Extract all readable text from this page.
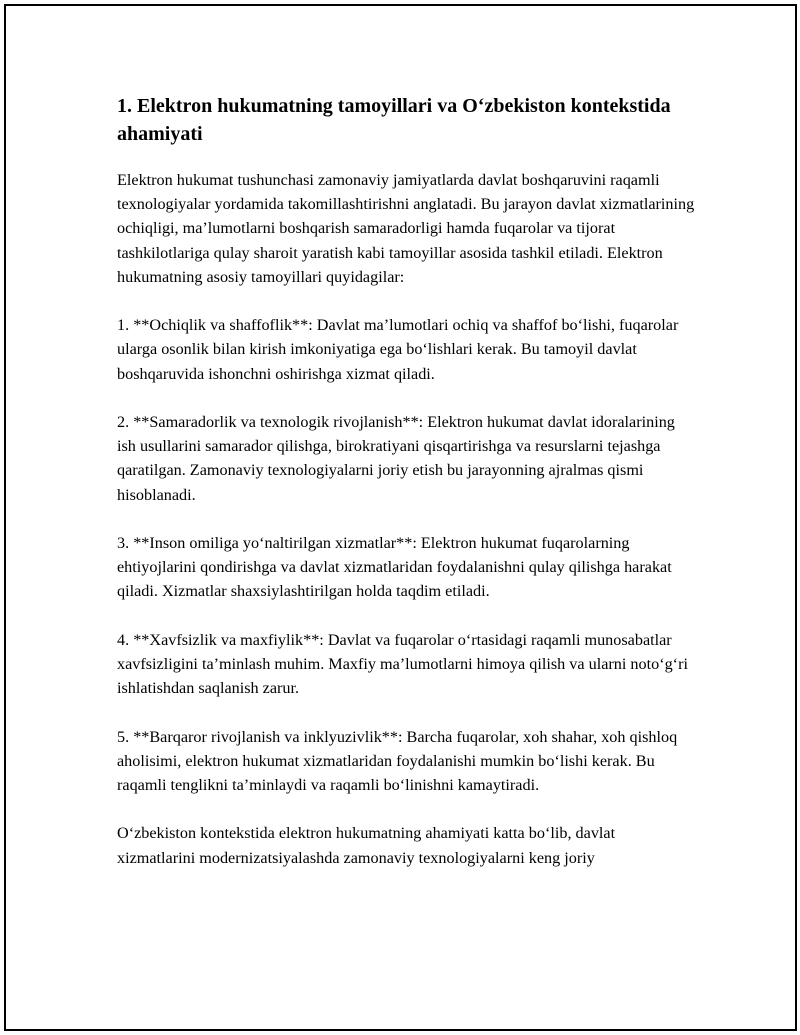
1. Elektron hukumatning tamoyillari va O‘zbekiston kontekstida ahamiyati

Elektron hukumat tushunchasi zamonaviy jamiyatlarda davlat boshqaruvini raqamli texnologiyalar yordamida takomillashtirishni anglatadi. Bu jarayon davlat xizmatlarining ochiqligi, ma’lumotlarni boshqarish samaradorligi hamda fuqarolar va tijorat tashkilotlariga qulay sharoit yaratish kabi tamoyillar asosida tashkil etiladi. Elektron hukumatning asosiy tamoyillari quyidagilar:

1. **Ochiqlik va shaffoflik**: Davlat ma’lumotlari ochiq va shaffof bo‘lishi, fuqarolar ularga osonlik bilan kirish imkoniyatiga ega bo‘lishlari kerak. Bu tamoyil davlat boshqaruvida ishonchni oshirishga xizmat qiladi.

2. **Samaradorlik va texnologik rivojlanish**: Elektron hukumat davlat idoralarining ish usullarini samarador qilishga, birokratiyani qisqartirishga va resurslarni tejashga qaratilgan. Zamonaviy texnologiyalarni joriy etish bu jarayonning ajralmas qismi hisoblanadi.

3. **Inson omiliga yo‘naltirilgan xizmatlar**: Elektron hukumat fuqarolarning ehtiyojlarini qondirishga va davlat xizmatlaridan foydalanishni qulay qilishga harakat qiladi. Xizmatlar shaxsiylashtirilgan holda taqdim etiladi.

4. **Xavfsizlik va maxfiylik**: Davlat va fuqarolar o‘rtasidagi raqamli munosabatlar xavfsizligini ta’minlash muhim. Maxfiy ma’lumotlarni himoya qilish va ularni noto‘g‘ri ishlatishdan saqlanish zarur.

5. **Barqaror rivojlanish va inklyuzivlik**: Barcha fuqarolar, xoh shahar, xoh qishloq aholisimi, elektron hukumat xizmatlaridan foydalanishi mumkin bo‘lishi kerak. Bu raqamli tenglikni ta’minlaydi va raqamli bo‘linishni kamaytiradi.

O‘zbekiston kontekstida elektron hukumatning ahamiyati katta bo‘lib, davlat xizmatlarini modernizatsiyalashda zamonaviy texnologiyalarni keng joriy
